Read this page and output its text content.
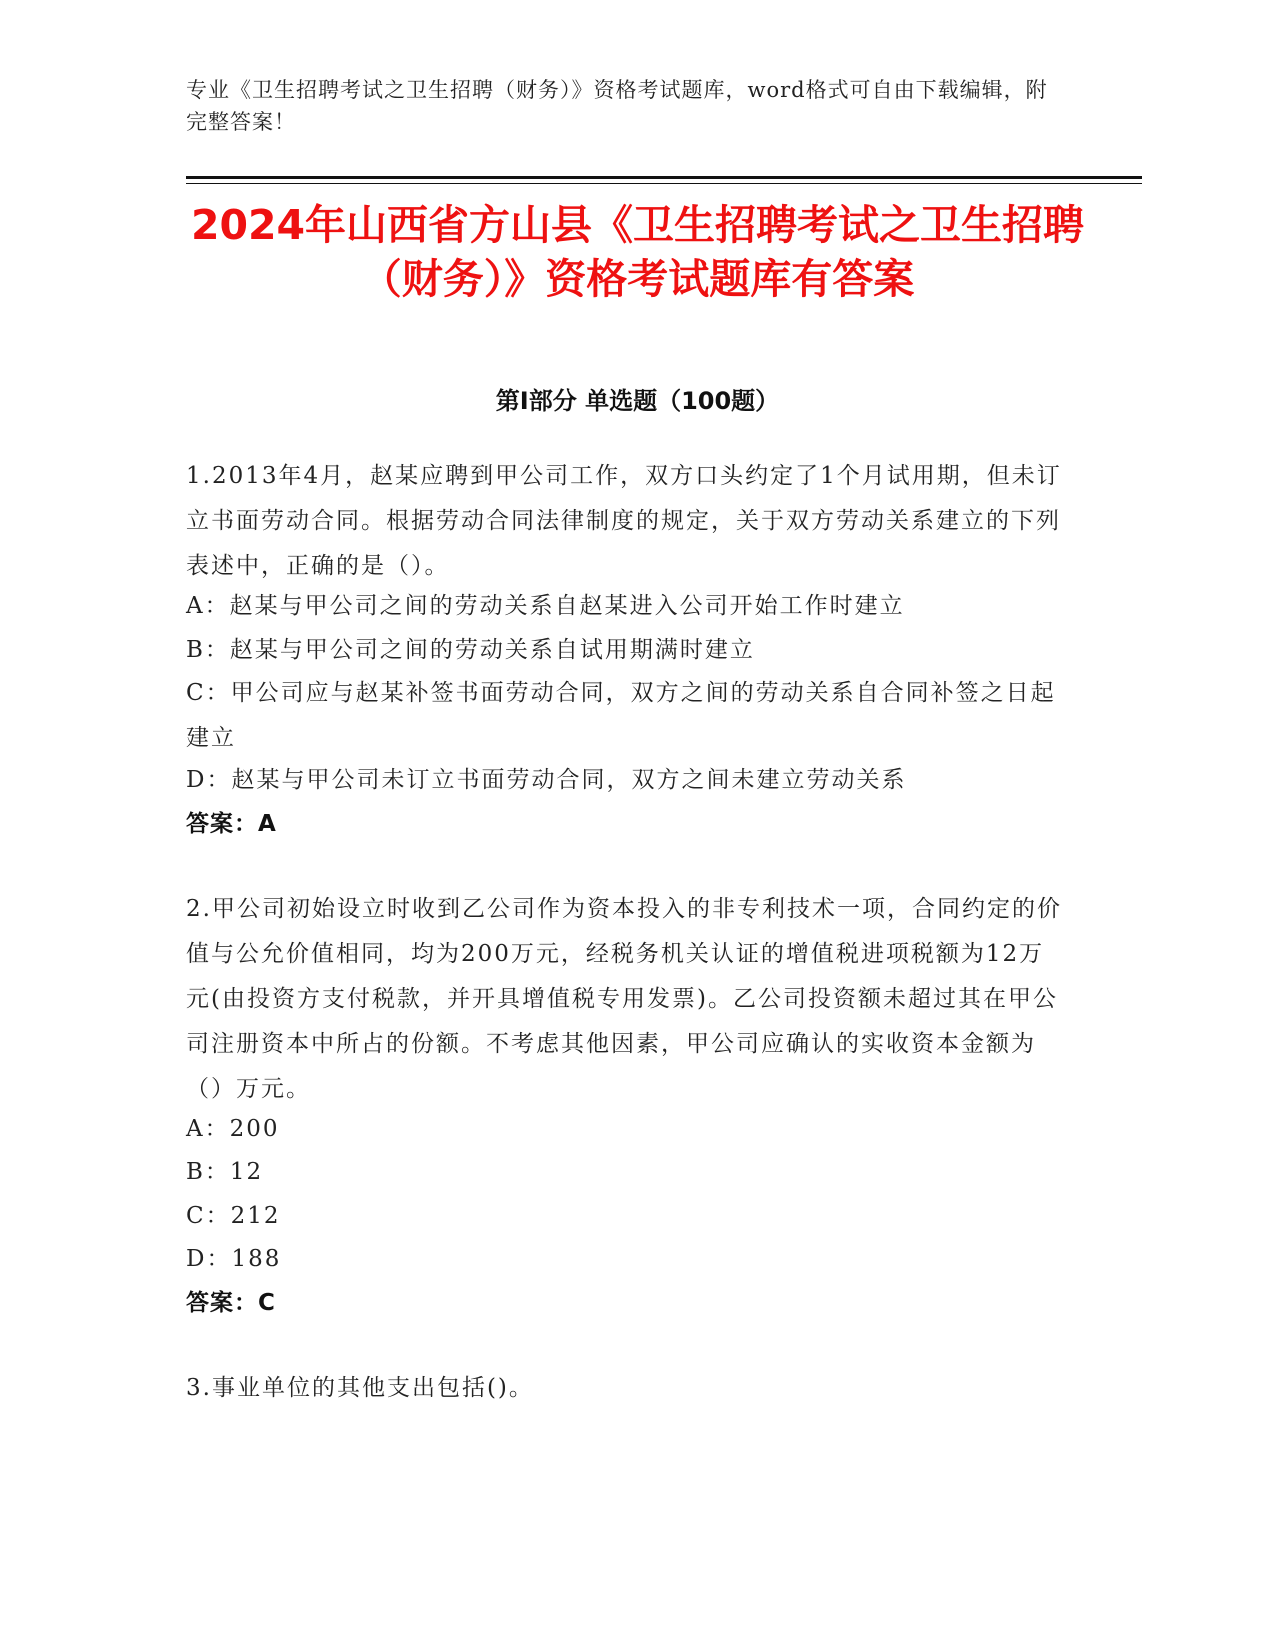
专业《卫生招聘考试之卫生招聘（财务）》资格考试题库，word格式可自由下载编辑，附完整答案！
2024年山西省方山县《卫生招聘考试之卫生招聘（财务）》资格考试题库有答案
第I部分 单选题（100题）
1.2013年4月，赵某应聘到甲公司工作，双方口头约定了1个月试用期，但未订立书面劳动合同。根据劳动合同法律制度的规定，关于双方劳动关系建立的下列表述中，正确的是（）。
A：赵某与甲公司之间的劳动关系自赵某进入公司开始工作时建立
B：赵某与甲公司之间的劳动关系自试用期满时建立
C：甲公司应与赵某补签书面劳动合同，双方之间的劳动关系自合同补签之日起建立
D：赵某与甲公司未订立书面劳动合同，双方之间未建立劳动关系
答案：A
2.甲公司初始设立时收到乙公司作为资本投入的非专利技术一项，合同约定的价值与公允价值相同，均为200万元，经税务机关认证的增值税进项税额为12万元(由投资方支付税款，并开具增值税专用发票)。乙公司投资额未超过其在甲公司注册资本中所占的份额。不考虑其他因素，甲公司应确认的实收资本金额为（）万元。
A：200
B：12
C：212
D：188
答案：C
3.事业单位的其他支出包括()。
